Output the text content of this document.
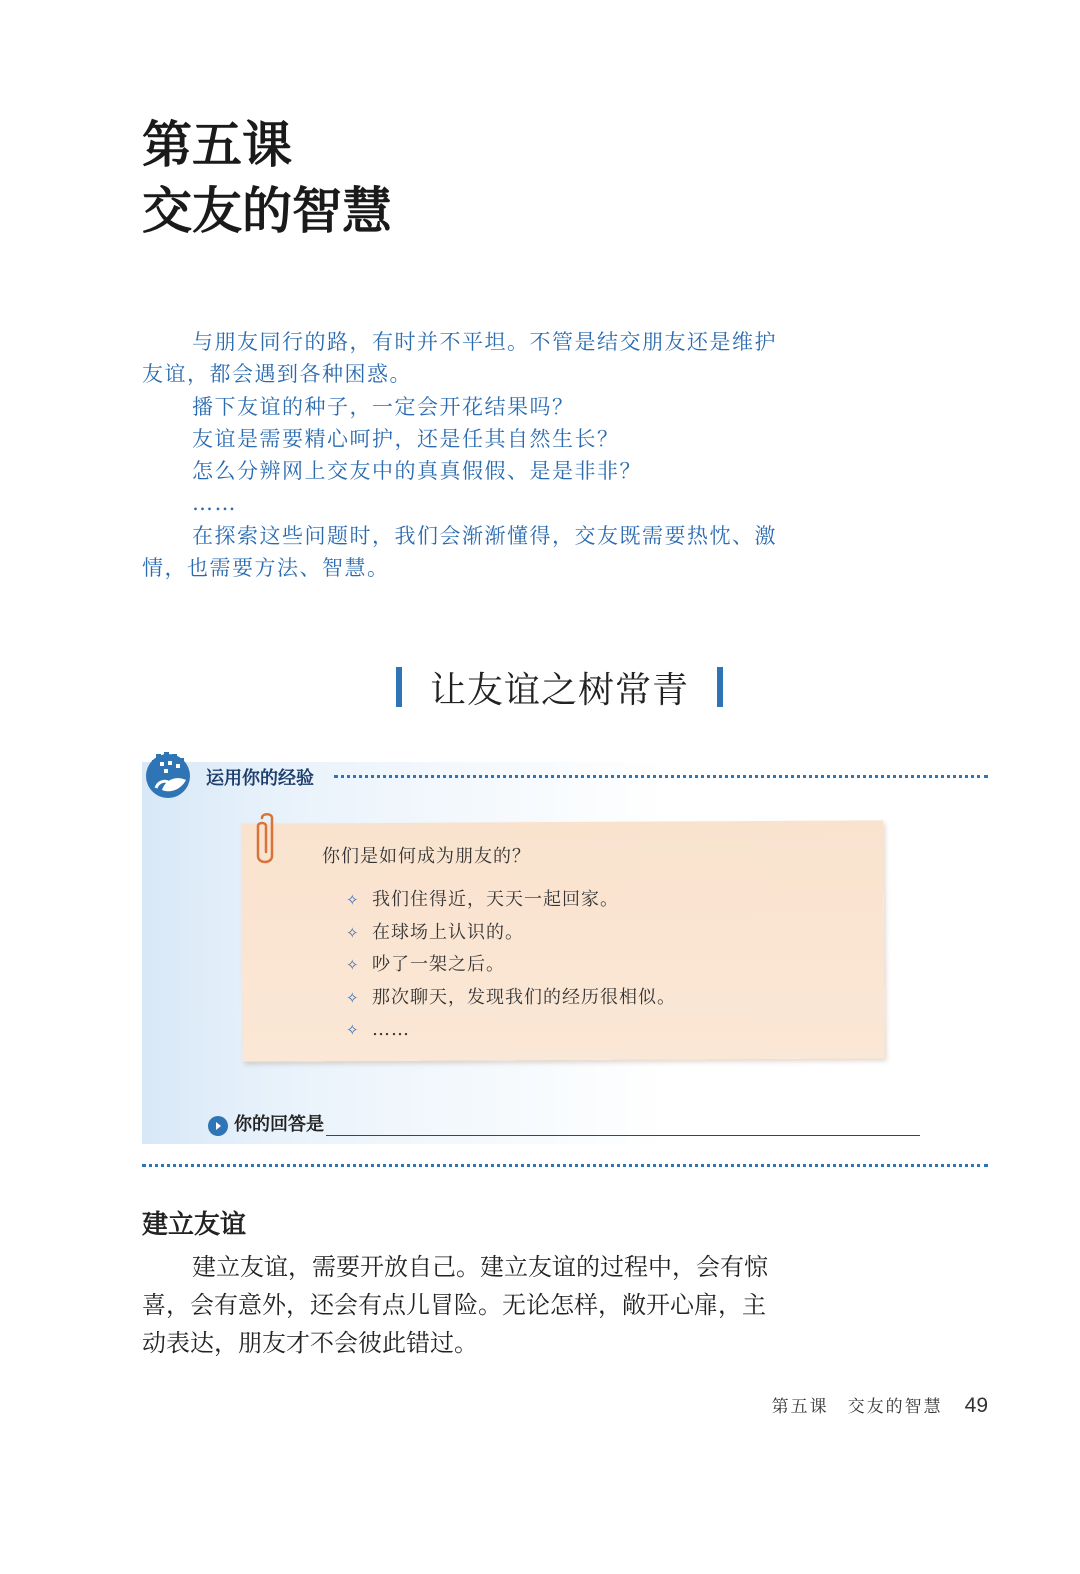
第五课
交友的智慧

与朋友同行的路，有时并不平坦。不管是结交朋友还是维护友谊，都会遇到各种困惑。

播下友谊的种子，一定会开花结果吗？

友谊是需要精心呵护，还是任其自然生长？

怎么分辨网上交友中的真真假假、是是非非？

……

在探索这些问题时，我们会渐渐懂得，交友既需要热忱、激情，也需要方法、智慧。

让友谊之树常青
运用你的经验
你们是如何成为朋友的？
✧ 我们住得近，天天一起回家。
✧ 在球场上认识的。
✧ 吵了一架之后。
✧ 那次聊天，发现我们的经历很相似。
✧ ……
你的回答是
建立友谊

建立友谊，需要开放自己。建立友谊的过程中，会有惊喜，会有意外，还会有点儿冒险。无论怎样，敞开心扉，主动表达，朋友才不会彼此错过。

第五课　交友的智慧 49
